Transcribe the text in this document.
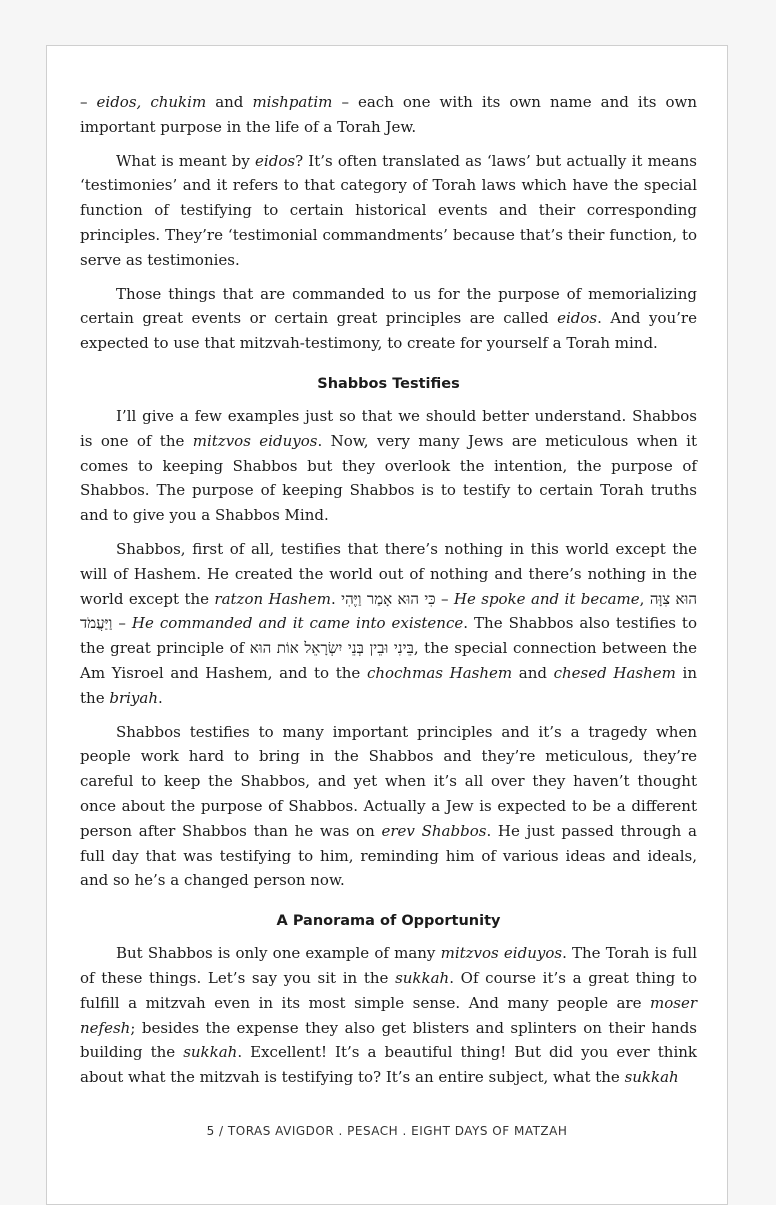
– eidos, chukim and mishpatim – each one with its own name and its own important purpose in the life of a Torah Jew.

What is meant by eidos? It’s often translated as ‘laws’ but actually it means ‘testimonies’ and it refers to that category of Torah laws which have the special function of testifying to certain historical events and their corresponding principles. They’re ‘testimonial commandments’ because that’s their function, to serve as testimonies.

Those things that are commanded to us for the purpose of memorializing certain great events or certain great principles are called eidos. And you’re expected to use that mitzvah-testimony, to create for yourself a Torah mind.

Shabbos Testifies

I’ll give a few examples just so that we should better understand. Shabbos is one of the mitzvos eiduyos. Now, very many Jews are meticulous when it comes to keeping Shabbos but they overlook the intention, the purpose of Shabbos. The purpose of keeping Shabbos is to testify to certain Torah truths and to give you a Shabbos Mind.

Shabbos, first of all, testifies that there’s nothing in this world except the will of Hashem. He created the world out of nothing and there’s nothing in the world except the ratzon Hashem. כִּי הוּא אָמַר וַיֶּהִי – He spoke and it became, הוּא צִוָּה וַיַּעֲמֹד – He commanded and it came into existence. The Shabbos also testifies to the great principle of בֵּינִי וּבֵין בְּנֵי יִשְׂרָאֵל אוֹת הוּא, the special connection between the Am Yisroel and Hashem, and to the chochmas Hashem and chesed Hashem in the briyah.

Shabbos testifies to many important principles and it’s a tragedy when people work hard to bring in the Shabbos and they’re meticulous, they’re careful to keep the Shabbos, and yet when it’s all over they haven’t thought once about the purpose of Shabbos. Actually a Jew is expected to be a different person after Shabbos than he was on erev Shabbos. He just passed through a full day that was testifying to him, reminding him of various ideas and ideals, and so he’s a changed person now.

A Panorama of Opportunity

But Shabbos is only one example of many mitzvos eiduyos. The Torah is full of these things. Let’s say you sit in the sukkah. Of course it’s a great thing to fulfill a mitzvah even in its most simple sense. And many people are moser nefesh; besides the expense they also get blisters and splinters on their hands building the sukkah. Excellent! It’s a beautiful thing! But did you ever think about what the mitzvah is testifying to? It’s an entire subject, what the sukkah

5 / TORAS AVIGDOR . PESACH . EIGHT DAYS OF MATZAH
